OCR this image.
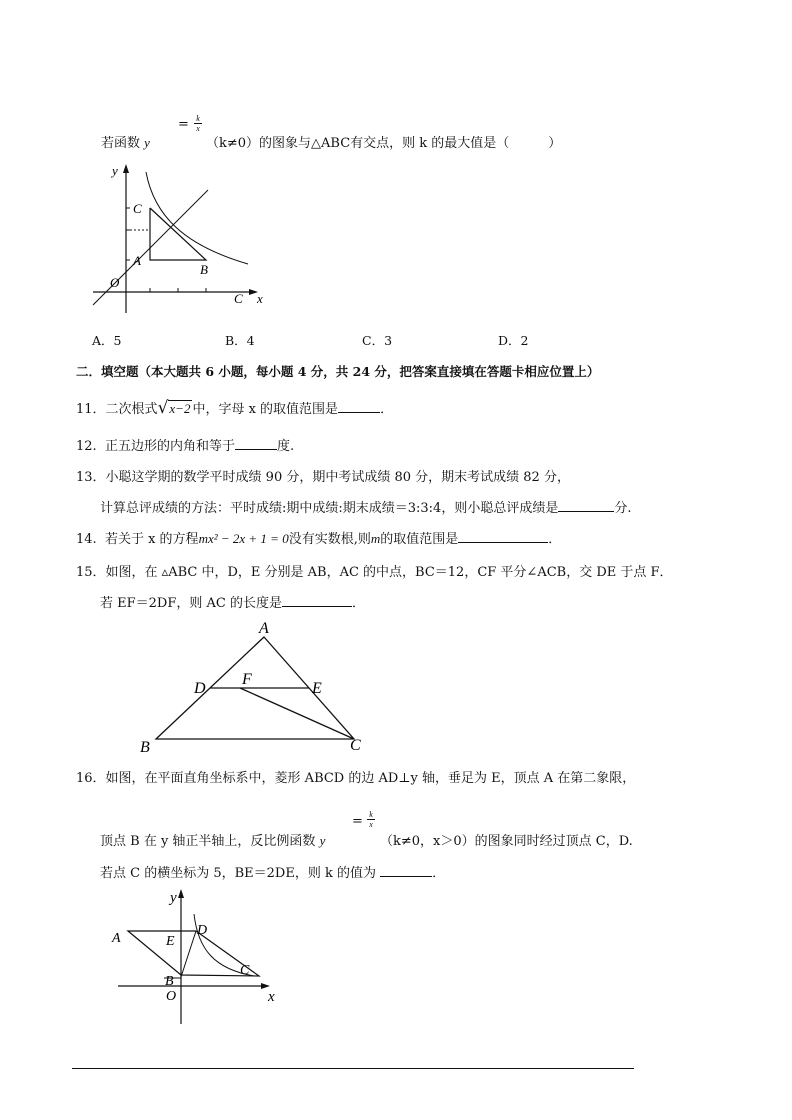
若函数 y
= k
x
（k≠0）的图象与△ABC有交点，则 k 的最大值是（　　　）
y
O
A
B
C
C x
A．5	B．4	C．3	D．2
二．填空题（本大题共 6 小题，每小题 4 分，共 24 分，把答案直接填在答题卡相应位置上）
11．二次根式√x−2 中，字母 x 的取值范围是	．
12. 正五边形的内角和等于	度.
13．小聪这学期的数学平时成绩 90 分，期中考试成绩 80 分，期末考试成绩 82 分，
计算总评成绩的方法：平时成绩:期中成绩:期末成绩＝3:3:4，则小聪总评成绩是	分.
14. 若关于 x 的方程mx² − 2x + 1 = 0没有实数根,则m的取值范围是	．
15．如图，在 ▵ABC 中，D，E 分别是 AB，AC 的中点，BC＝12，CF 平分∠ACB，交 DE 于点 F．
若 EF＝2DF，则 AC 的长度是	．
A
B	C
D	E
F
16．如图，在平面直角坐标系中，菱形 ABCD 的边 AD⊥y 轴，垂足为 E，顶点 A 在第二象限，
顶点 B 在 y 轴正半轴上，反比例函数 y
= k
x
（k≠0，x＞0）的图象同时经过顶点 C，D.
若点 C 的横坐标为 5，BE＝2DE，则 k 的值为	．
y
x
O
A
B
C
D
E
